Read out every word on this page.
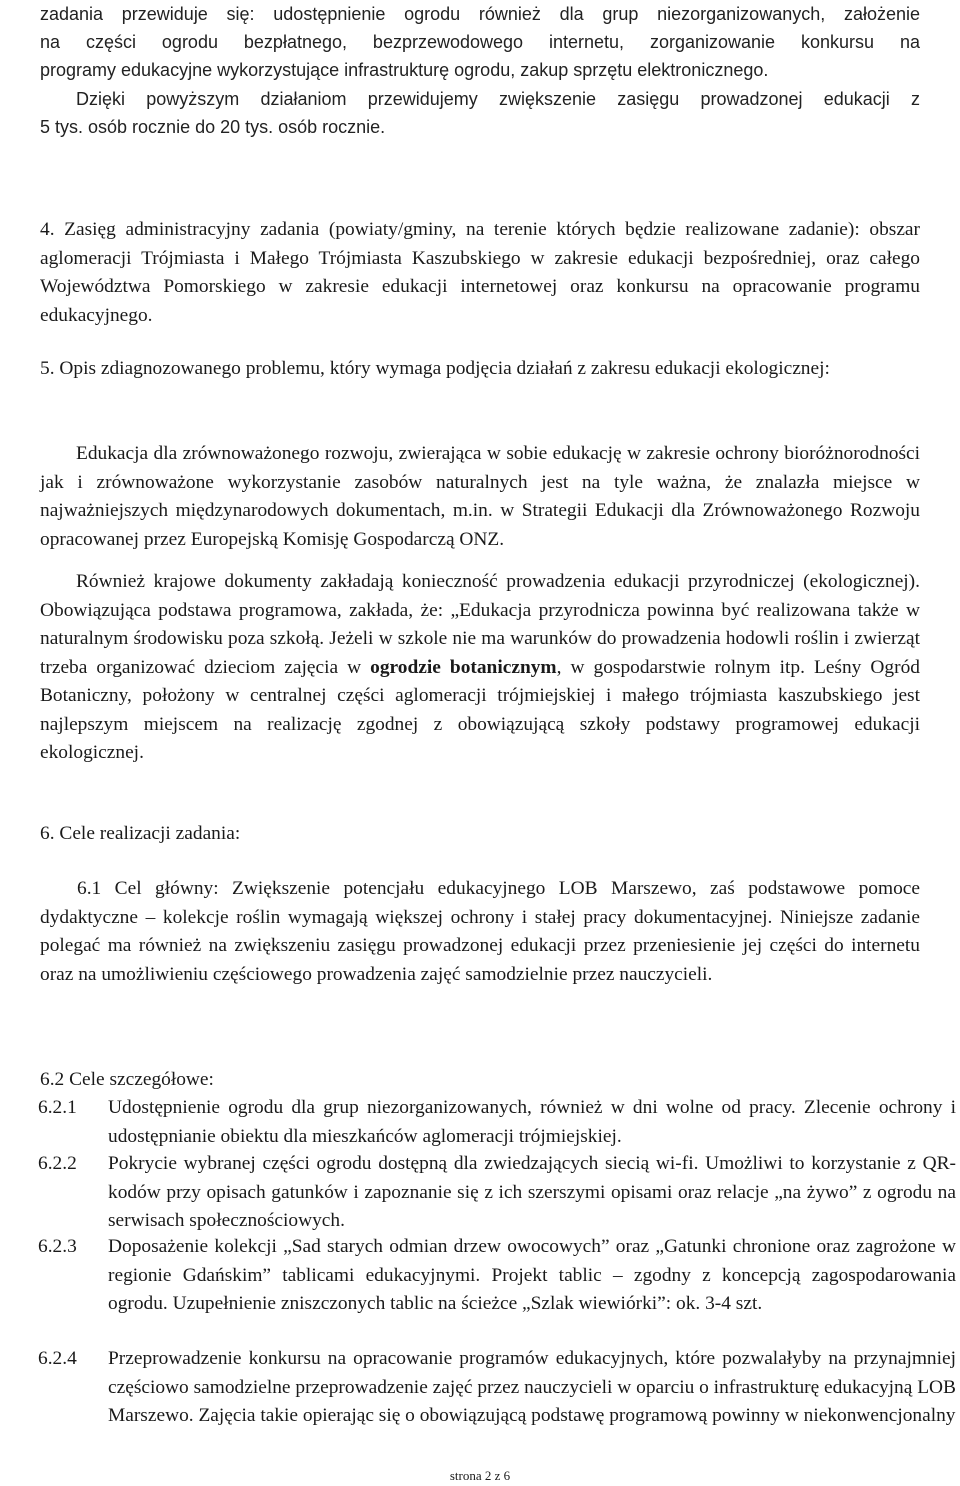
zadania przewiduje się: udostępnienie ogrodu również dla grup niezorganizowanych, założenie

na części ogrodu bezpłatnego, bezprzewodowego internetu, zorganizowanie konkursu na

programy edukacyjne wykorzystujące infrastrukturę ogrodu, zakup sprzętu elektronicznego.

Dzięki powyższym działaniom przewidujemy zwiększenie zasięgu prowadzonej edukacji z

5 tys. osób rocznie do 20 tys. osób rocznie.

4. Zasięg administracyjny zadania (powiaty/gminy, na terenie których będzie realizowane zadanie): obszar aglomeracji Trójmiasta i Małego Trójmiasta Kaszubskiego w zakresie edukacji bezpośredniej, oraz całego Województwa Pomorskiego w zakresie edukacji internetowej oraz konkursu na opracowanie programu edukacyjnego.

5. Opis zdiagnozowanego problemu, który wymaga podjęcia działań z zakresu edukacji ekologicznej:

Edukacja dla zrównoważonego rozwoju, zwierająca w sobie edukację w zakresie ochrony bioróżnorodności jak i zrównoważone wykorzystanie zasobów naturalnych jest na tyle ważna, że znalazła miejsce w najważniejszych międzynarodowych dokumentach, m.in. w Strategii Edukacji dla Zrównoważonego Rozwoju opracowanej przez Europejską Komisję Gospodarczą ONZ.

Również krajowe dokumenty zakładają konieczność prowadzenia edukacji przyrodniczej (ekologicznej). Obowiązująca podstawa programowa, zakłada, że: „Edukacja przyrodnicza powinna być realizowana także w naturalnym środowisku poza szkołą. Jeżeli w szkole nie ma warunków do prowadzenia hodowli roślin i zwierząt trzeba organizować dzieciom zajęcia w ogrodzie botanicznym, w gospodarstwie rolnym itp. Leśny Ogród Botaniczny, położony w centralnej części aglomeracji trójmiejskiej i małego trójmiasta kaszubskiego jest najlepszym miejscem na realizację zgodnej z obowiązującą szkoły podstawy programowej edukacji ekologicznej.

6. Cele realizacji zadania:

6.1 Cel główny: Zwiększenie potencjału edukacyjnego LOB Marszewo, zaś podstawowe pomoce dydaktyczne – kolekcje roślin wymagają większej ochrony i stałej pracy dokumentacyjnej. Niniejsze zadanie polegać ma również na zwiększeniu zasięgu prowadzonej edukacji przez przeniesienie jej części do internetu oraz na umożliwieniu częściowego prowadzenia zajęć samodzielnie przez nauczycieli.

6.2 Cele szczegółowe:

6.2.1 Udostępnienie ogrodu dla grup niezorganizowanych, również w dni wolne od pracy. Zlecenie ochrony i udostępnianie obiektu dla mieszkańców aglomeracji trójmiejskiej.
6.2.2 Pokrycie wybranej części ogrodu dostępną dla zwiedzających siecią wi-fi. Umożliwi to korzystanie z QR-kodów przy opisach gatunków i zapoznanie się z ich szerszymi opisami oraz relacje „na żywo” z ogrodu na serwisach społecznościowych.
6.2.3 Doposażenie kolekcji „Sad starych odmian drzew owocowych” oraz „Gatunki chronione oraz zagrożone w regionie Gdańskim” tablicami edukacyjnymi. Projekt tablic – zgodny z koncepcją zagospodarowania ogrodu. Uzupełnienie zniszczonych tablic na ścieżce „Szlak wiewiórki”: ok. 3-4 szt.
6.2.4 Przeprowadzenie konkursu na opracowanie programów edukacyjnych, które pozwalałyby na przynajmniej częściowo samodzielne przeprowadzenie zajęć przez nauczycieli w oparciu o infrastrukturę edukacyjną LOB Marszewo. Zajęcia takie opierając się o obowiązującą podstawę programową powinny w niekonwencjonalny
strona 2 z 6
